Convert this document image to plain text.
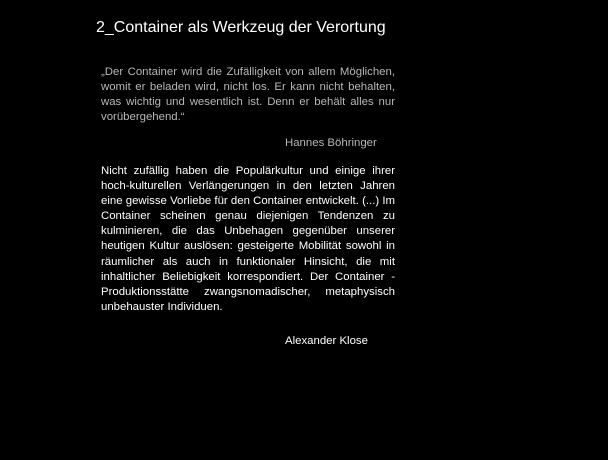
2_Container als Werkzeug der Verortung
„Der Container wird die Zufälligkeit von allem Möglichen, womit er beladen wird, nicht los. Er kann nicht behalten, was wichtig und wesentlich ist. Denn er behält alles nur vorübergehend.“
Hannes Böhringer
Nicht zufällig haben die Populärkultur und einige ihrer hoch-kulturellen Verlängerungen in den letzten Jahren eine gewisse Vorliebe für den Container entwickelt. (...) Im Container scheinen genau diejenigen Tendenzen zu kulminieren, die das Unbehagen gegenüber unserer heutigen Kultur auslösen: gesteigerte Mobilität sowohl in räumlicher als auch in funktionaler Hinsicht, die mit inhaltlicher Beliebigkeit korrespondiert. Der Container - Produktionsstätte zwangsnomadischer, metaphysisch unbehauster Individuen.
Alexander Klose
